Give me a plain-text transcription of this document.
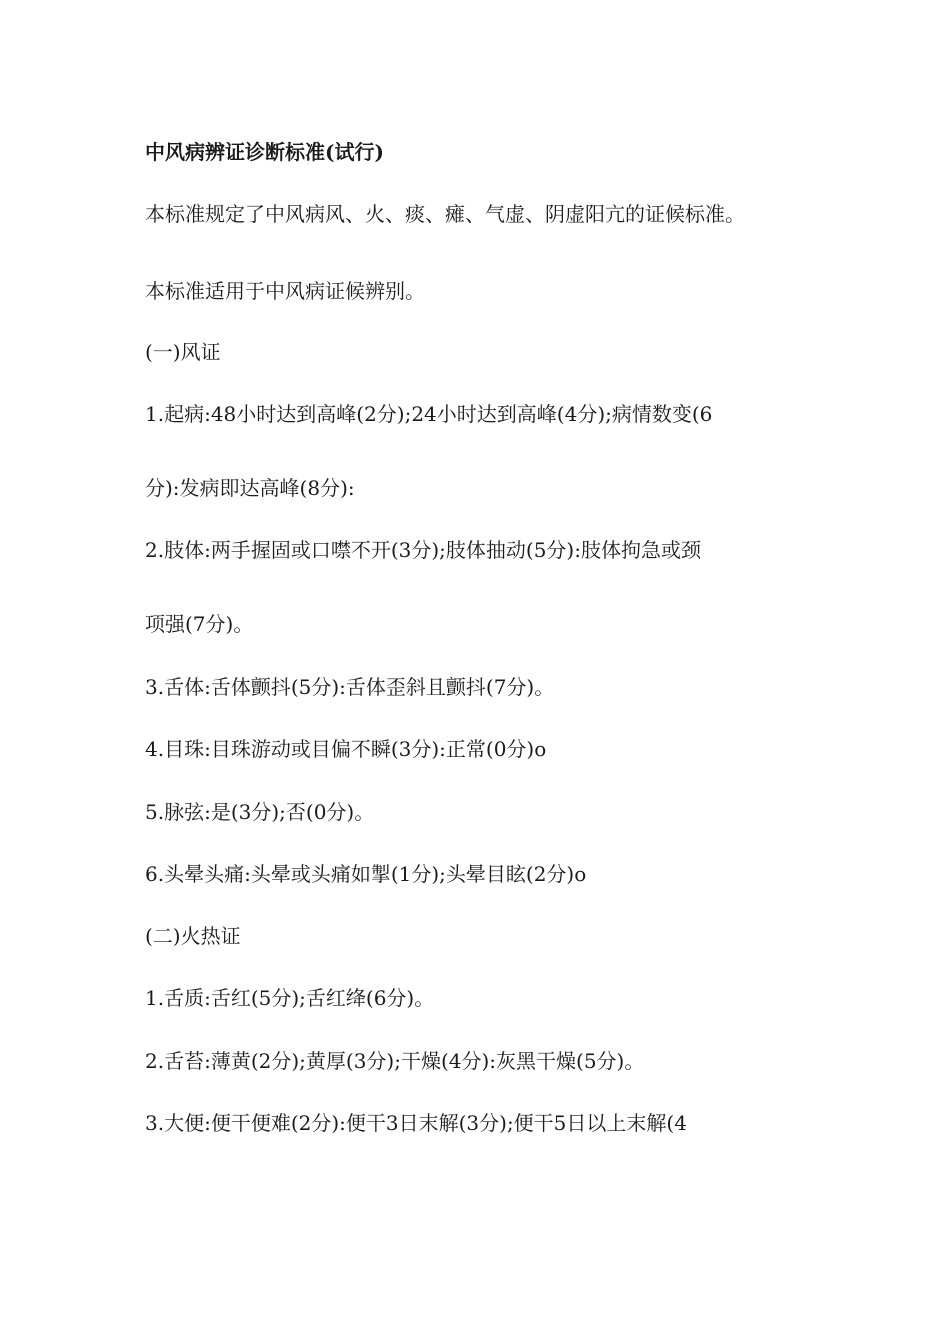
中风病辨证诊断标准(试行)
本标准规定了中风病风、火、痰、瘫、气虚、阴虚阳亢的证候标准。
本标准适用于中风病证候辨别。
(一)风证
1.起病:48小时达到高峰(2分);24小时达到高峰(4分);病情数变(6
分):发病即达高峰(8分):
2.肢体:两手握固或口噤不开(3分);肢体抽动(5分):肢体拘急或颈
项强(7分)。
3.舌体:舌体颤抖(5分):舌体歪斜且颤抖(7分)。
4.目珠:目珠游动或目偏不瞬(3分):正常(0分)o
5.脉弦:是(3分);否(0分)。
6.头晕头痛:头晕或头痛如掣(1分);头晕目眩(2分)o
(二)火热证
1.舌质:舌红(5分);舌红绛(6分)。
2.舌苔:薄黄(2分);黄厚(3分);干燥(4分):灰黑干燥(5分)。
3.大便:便干便难(2分):便干3日末解(3分);便干5日以上末解(4
